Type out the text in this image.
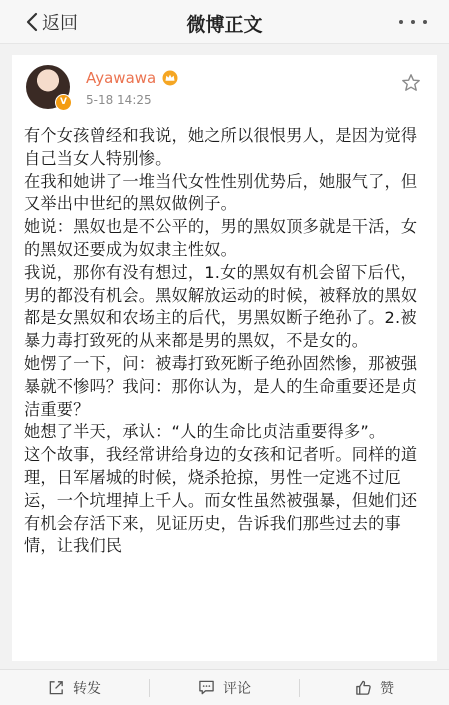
返回	微博正文
V
Ayawawa
5-18 14:25

有个女孩曾经和我说，她之所以很恨男人，是因为觉得自己当女人特别惨。

在我和她讲了一堆当代女性性别优势后，她服气了，但又举出中世纪的黑奴做例子。

她说：黑奴也是不公平的，男的黑奴顶多就是干活，女的黑奴还要成为奴隶主性奴。

我说，那你有没有想过，1.女的黑奴有机会留下后代，男的都没有机会。黑奴解放运动的时候，被释放的黑奴都是女黑奴和农场主的后代，男黑奴断子绝孙了。2.被暴力毒打致死的从来都是男的黑奴，不是女的。

她愣了一下，问：被毒打致死断子绝孙固然惨，那被强暴就不惨吗？我问：那你认为，是人的生命重要还是贞洁重要？

她想了半天，承认：“人的生命比贞洁重要得多”。

这个故事，我经常讲给身边的女孩和记者听。同样的道理，日军屠城的时候，烧杀抢掠，男性一定逃不过厄运，一个坑埋掉上千人。而女性虽然被强暴，但她们还有机会存活下来，见证历史，告诉我们那些过去的事情，让我们民

转发	评论	赞
